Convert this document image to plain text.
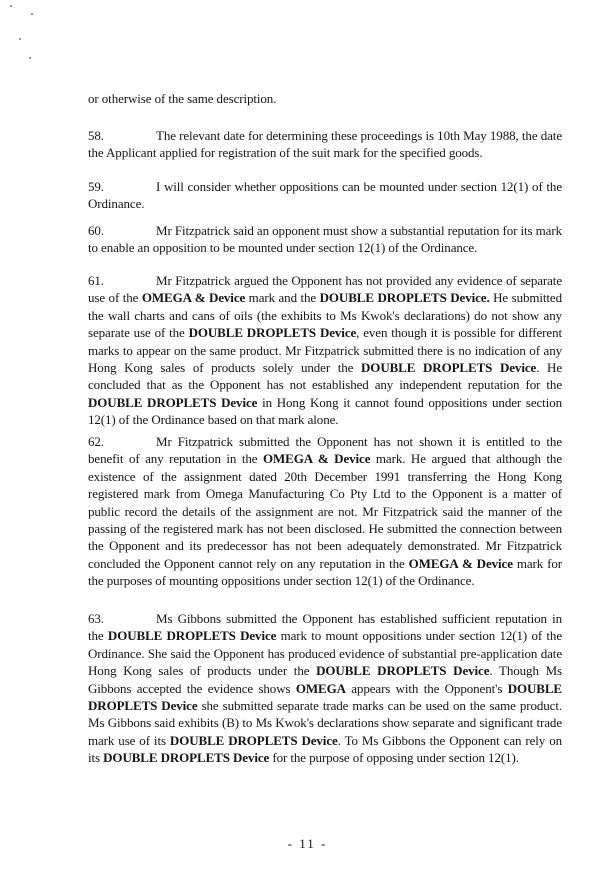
or otherwise of the same description.
58.	The relevant date for determining these proceedings is 10th May 1988, the date the Applicant applied for registration of the suit mark for the specified goods.
59.	I will consider whether oppositions can be mounted under section 12(1) of the Ordinance.
60.	Mr Fitzpatrick said an opponent must show a substantial reputation for its mark to enable an opposition to be mounted under section 12(1) of the Ordinance.
61.	Mr Fitzpatrick argued the Opponent has not provided any evidence of separate use of the OMEGA & Device mark and the DOUBLE DROPLETS Device. He submitted the wall charts and cans of oils (the exhibits to Ms Kwok's declarations) do not show any separate use of the DOUBLE DROPLETS Device, even though it is possible for different marks to appear on the same product. Mr Fitzpatrick submitted there is no indication of any Hong Kong sales of products solely under the DOUBLE DROPLETS Device. He concluded that as the Opponent has not established any independent reputation for the DOUBLE DROPLETS Device in Hong Kong it cannot found oppositions under section 12(1) of the Ordinance based on that mark alone.
62.	Mr Fitzpatrick submitted the Opponent has not shown it is entitled to the benefit of any reputation in the OMEGA & Device mark. He argued that although the existence of the assignment dated 20th December 1991 transferring the Hong Kong registered mark from Omega Manufacturing Co Pty Ltd to the Opponent is a matter of public record the details of the assignment are not. Mr Fitzpatrick said the manner of the passing of the registered mark has not been disclosed. He submitted the connection between the Opponent and its predecessor has not been adequately demonstrated. Mr Fitzpatrick concluded the Opponent cannot rely on any reputation in the OMEGA & Device mark for the purposes of mounting oppositions under section 12(1) of the Ordinance.
63.	Ms Gibbons submitted the Opponent has established sufficient reputation in the DOUBLE DROPLETS Device mark to mount oppositions under section 12(1) of the Ordinance. She said the Opponent has produced evidence of substantial pre-application date Hong Kong sales of products under the DOUBLE DROPLETS Device. Though Ms Gibbons accepted the evidence shows OMEGA appears with the Opponent's DOUBLE DROPLETS Device she submitted separate trade marks can be used on the same product. Ms Gibbons said exhibits (B) to Ms Kwok's declarations show separate and significant trade mark use of its DOUBLE DROPLETS Device. To Ms Gibbons the Opponent can rely on its DOUBLE DROPLETS Device for the purpose of opposing under section 12(1).
- 11 -
